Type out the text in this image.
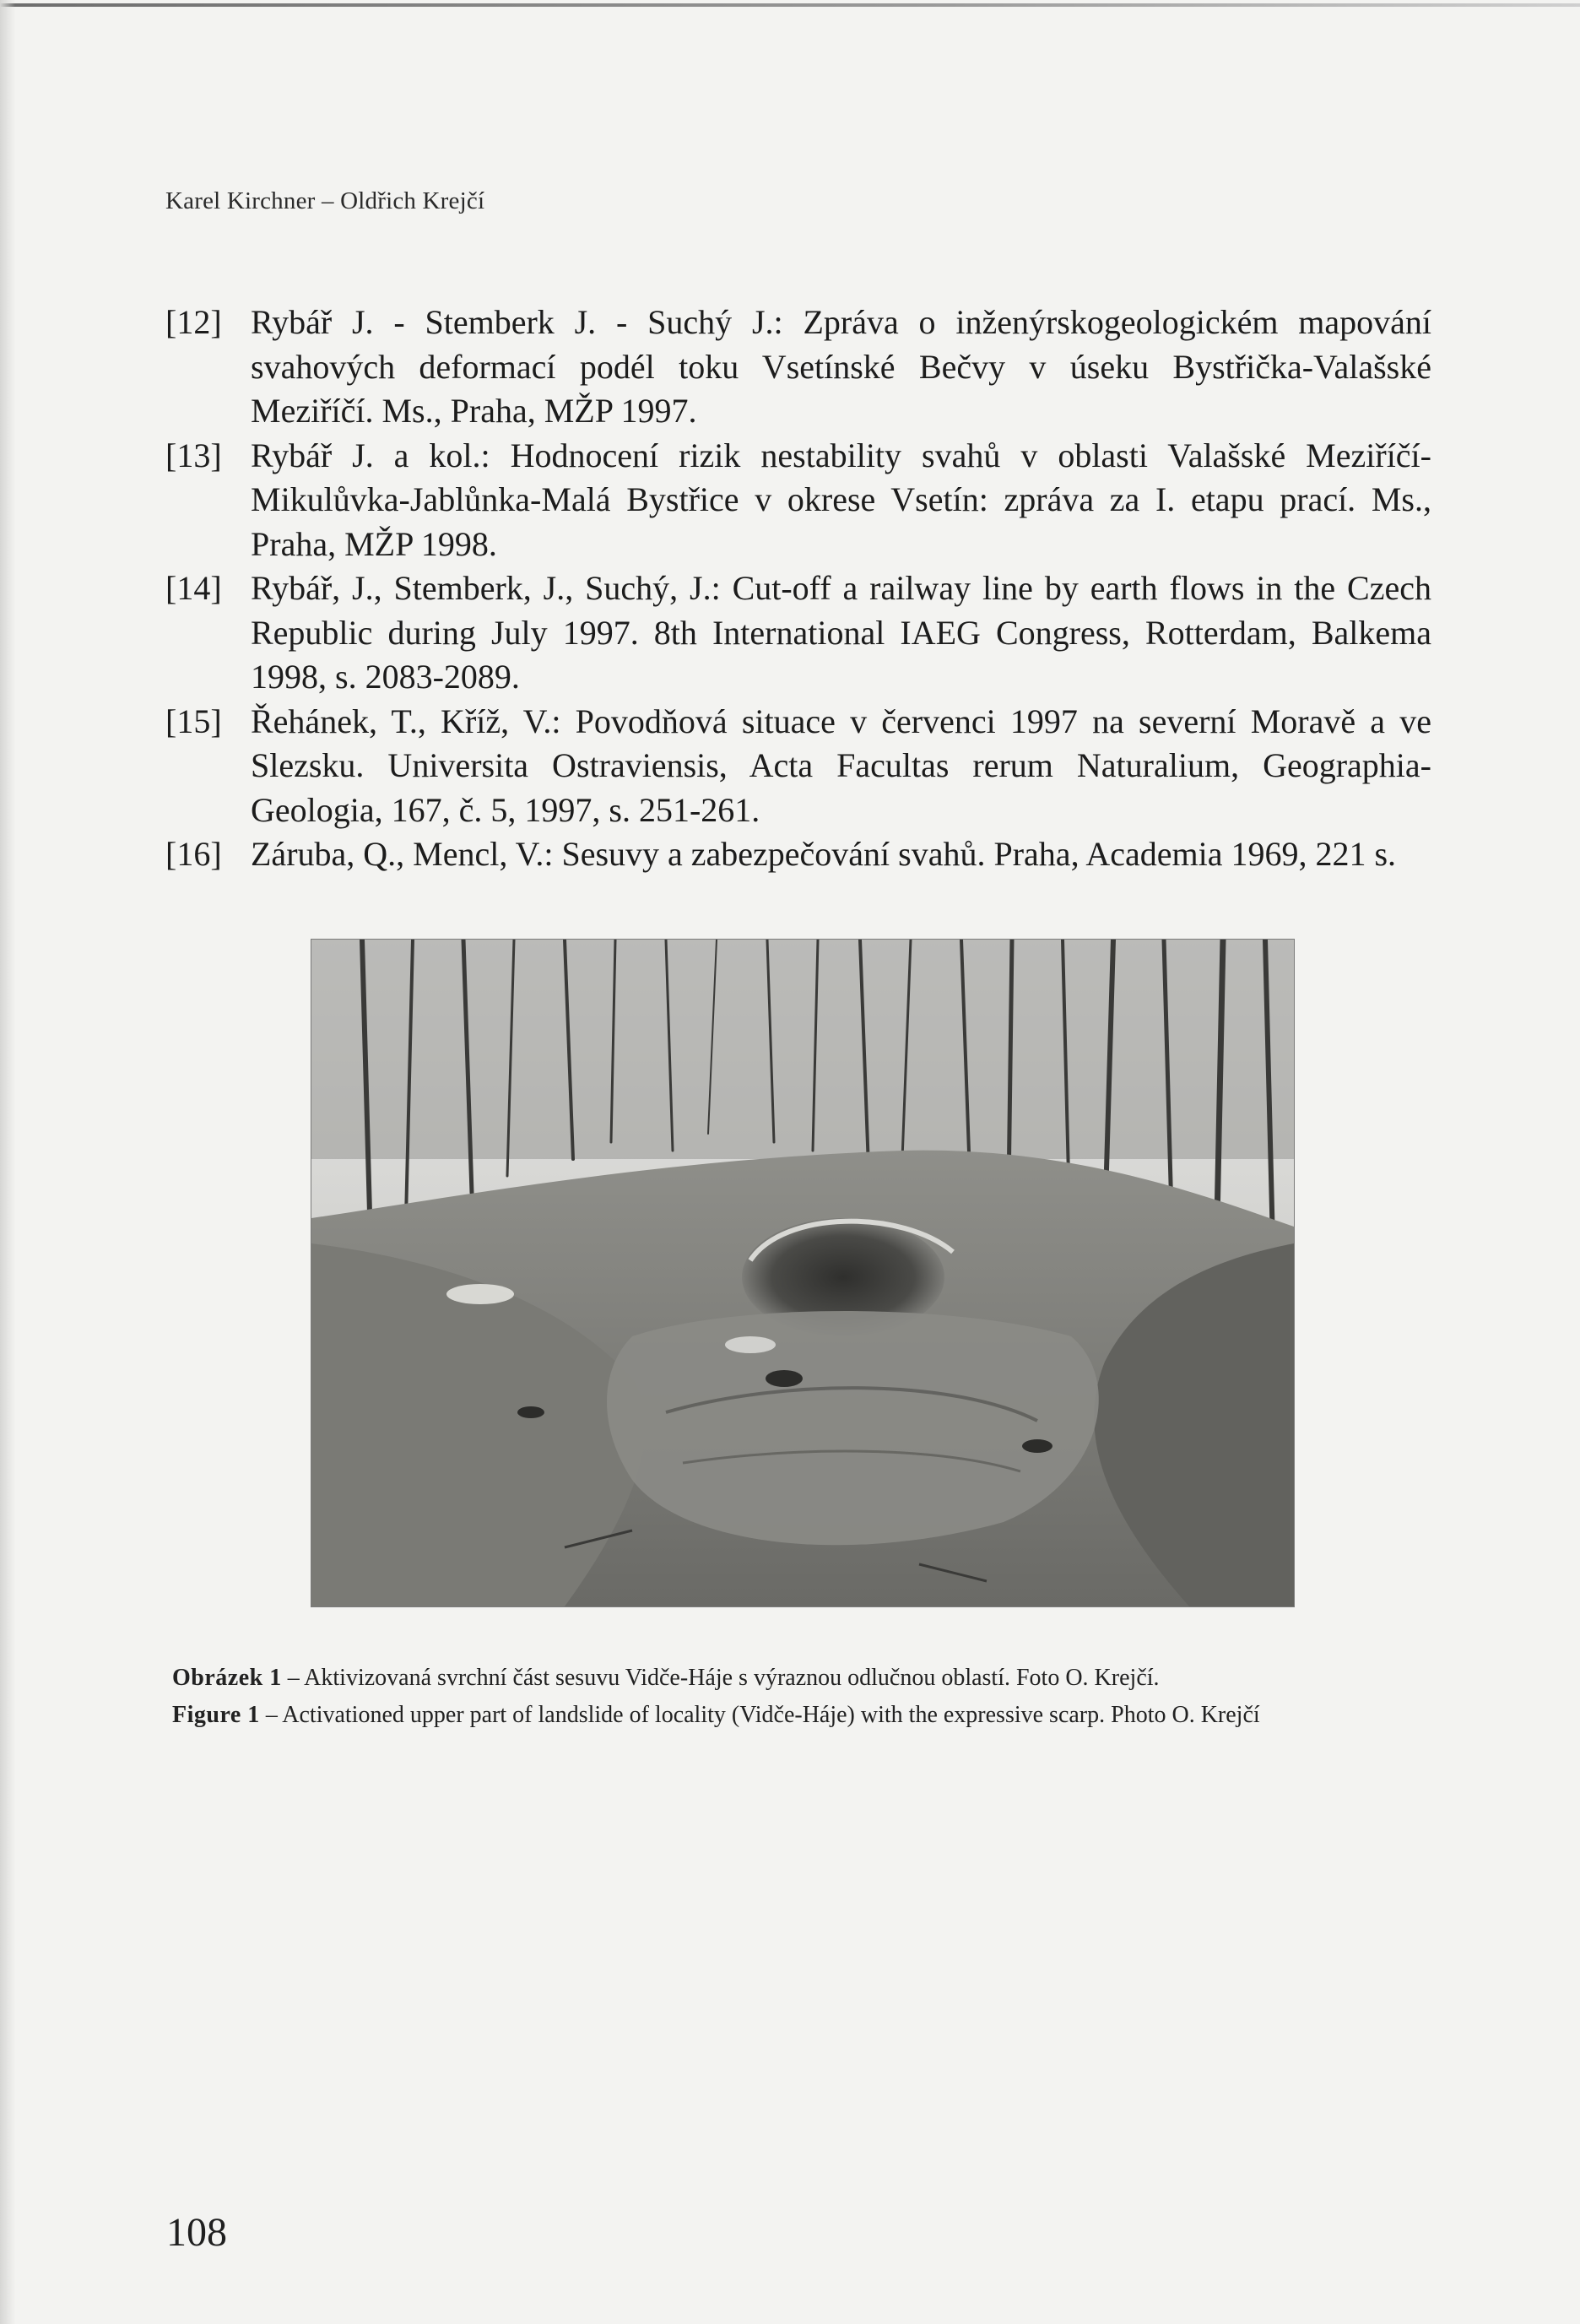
Karel Kirchner – Oldřich Krejčí
[12] Rybář J. - Stemberk J. - Suchý J.: Zpráva o inženýrskogeologickém mapování svahových deformací podél toku Vsetínské Bečvy v úseku Bystřička-Valašské Meziříčí. Ms., Praha, MŽP 1997.
[13] Rybář J. a kol.: Hodnocení rizik nestability svahů v oblasti Valašské Meziříčí-Mikulůvka-Jablůnka-Malá Bystřice v okrese Vsetín: zpráva za I. etapu prací. Ms., Praha, MŽP 1998.
[14] Rybář, J., Stemberk, J., Suchý, J.: Cut-off a railway line by earth flows in the Czech Republic during July 1997. 8th International IAEG Congress, Rotterdam, Balkema 1998, s. 2083-2089.
[15] Řehánek, T., Kříž, V.: Povodňová situace v červenci 1997 na severní Moravě a ve Slezsku. Universita Ostraviensis, Acta Facultas rerum Naturalium, Geographia-Geologia, 167, č. 5, 1997, s. 251-261.
[16] Záruba, Q., Mencl, V.: Sesuvy a zabezpečování svahů. Praha, Academia 1969, 221 s.
Obrázek 1 – Aktivizovaná svrchní část sesuvu Vidče-Háje s výraznou odlučnou oblastí. Foto O. Krejčí.
Figure 1 – Activationed upper part of landslide of locality (Vidče-Háje) with the expressive scarp. Photo O. Krejčí
108
